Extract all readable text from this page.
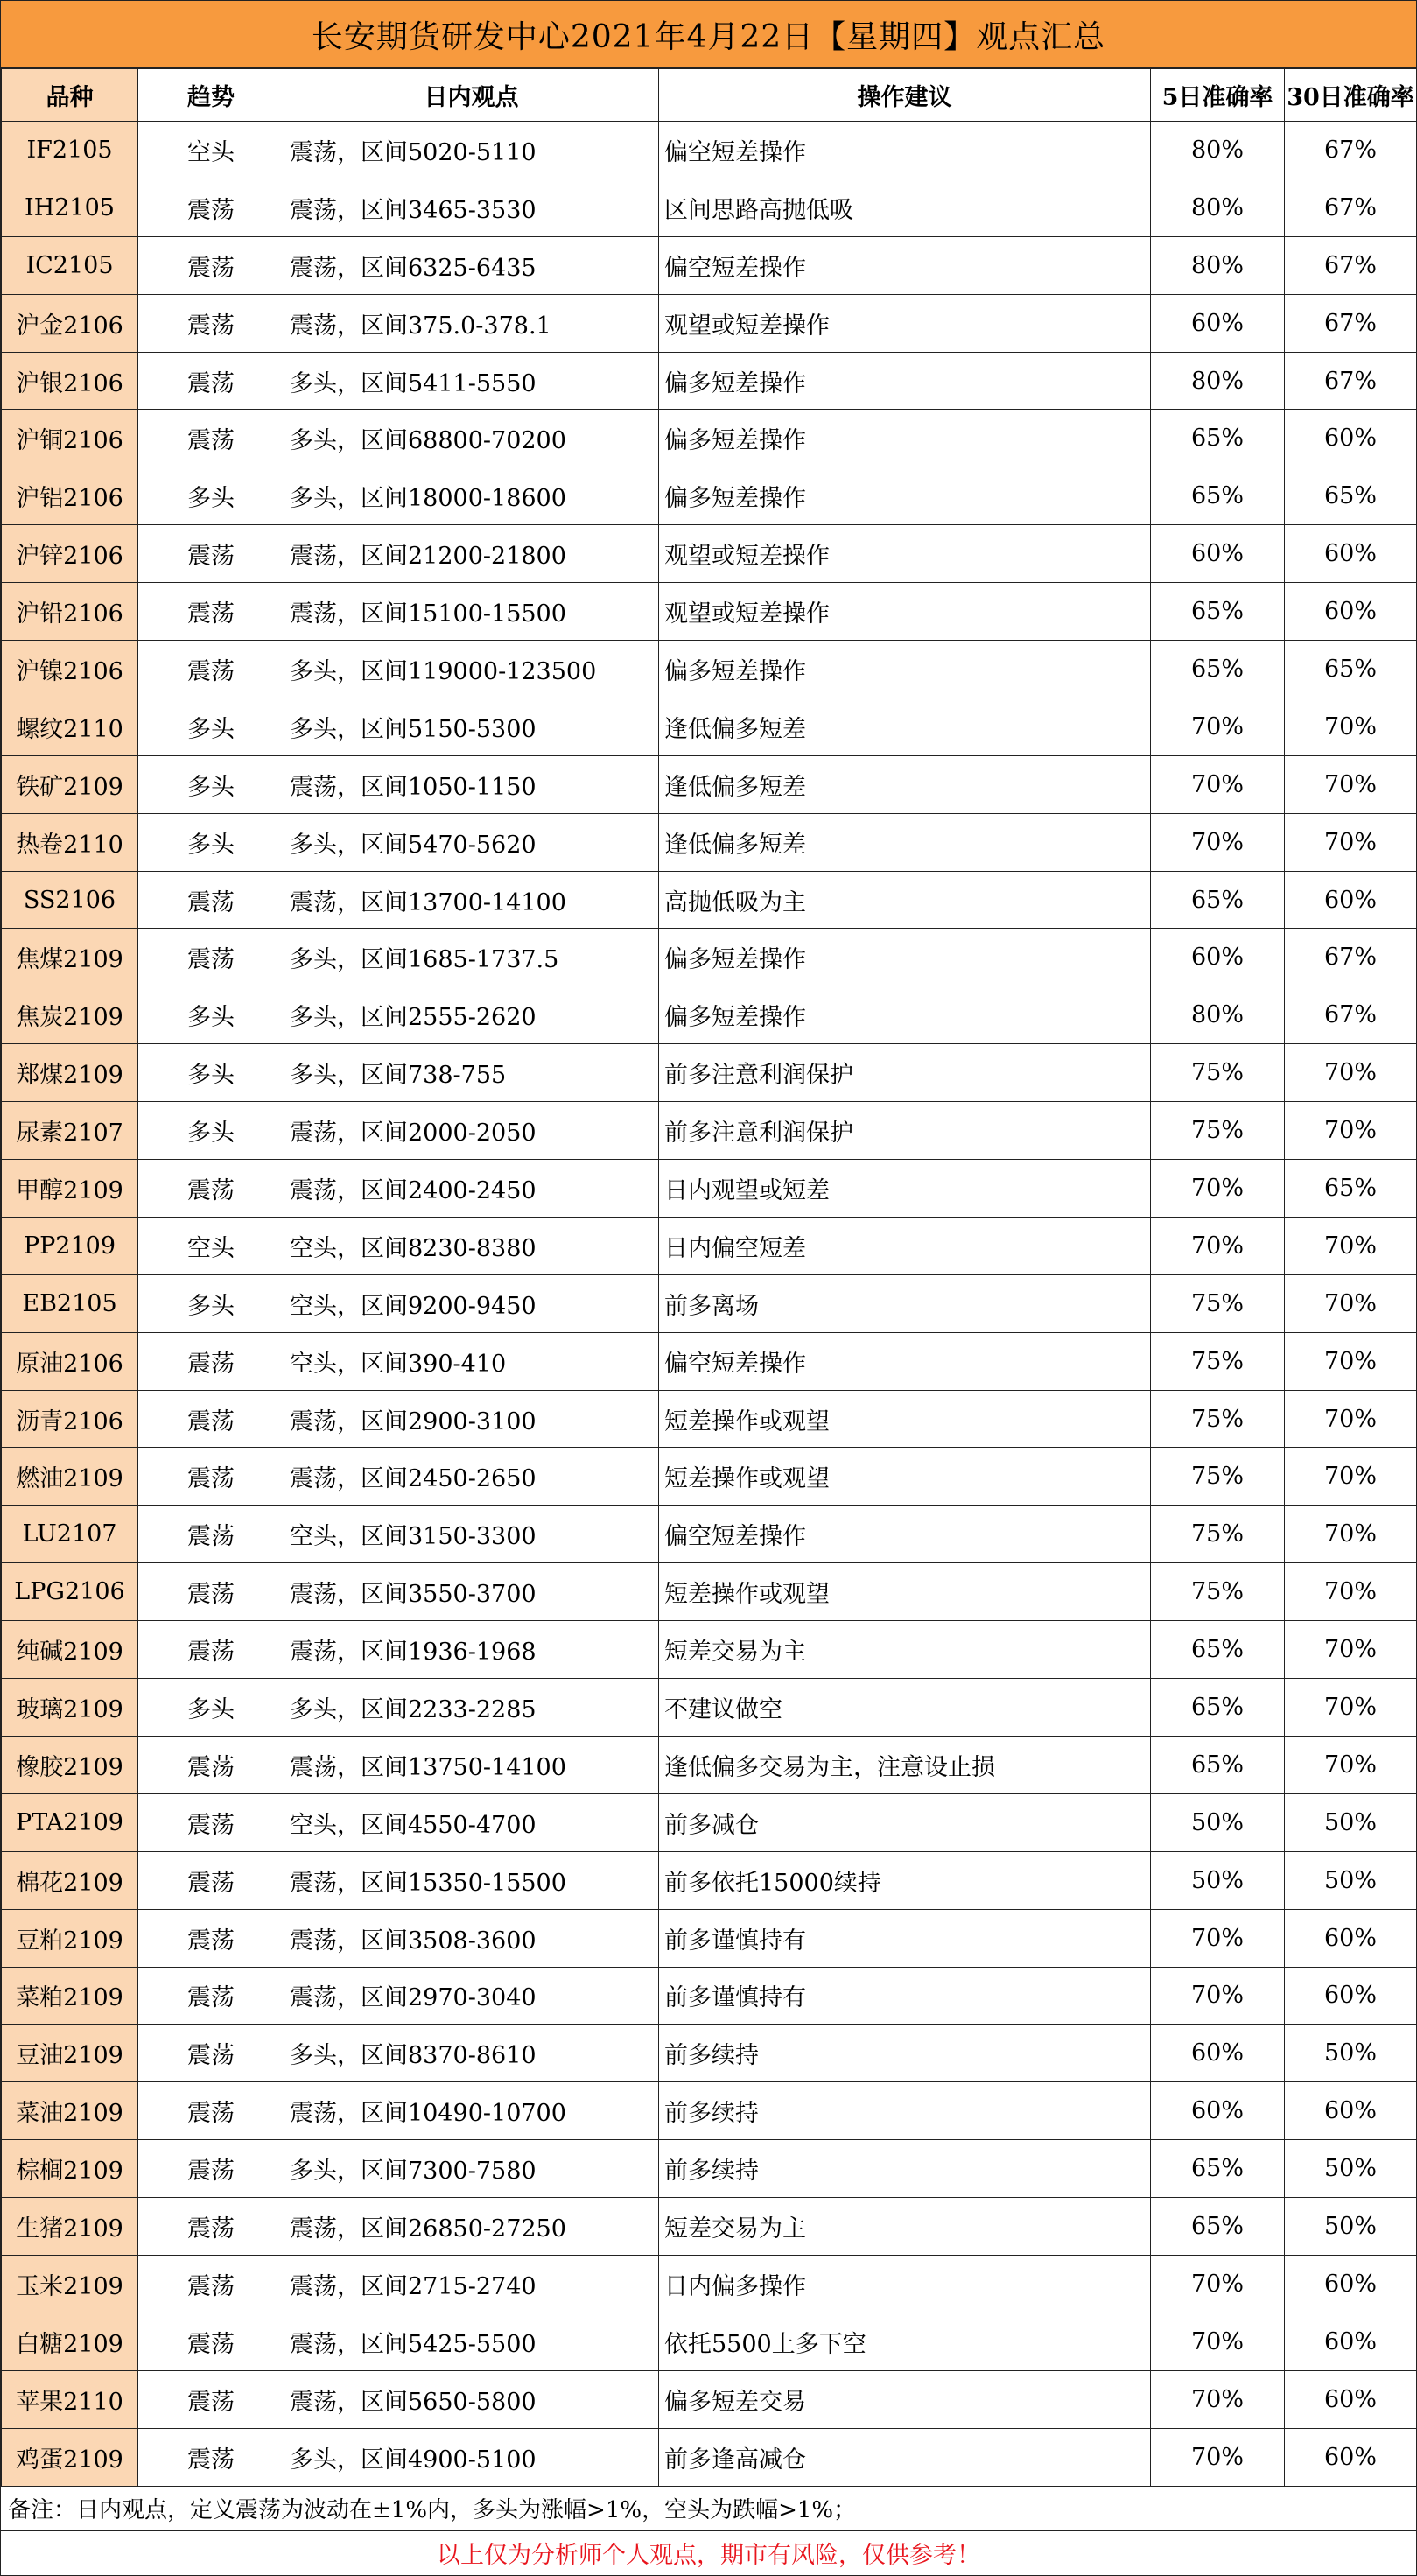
长安期货研发中心2021年4月22日【星期四】观点汇总
品种	趋势	日内观点	操作建议	5日准确率	30日准确率
IF2105	空头	震荡，区间5020-5110	偏空短差操作	80%	67%
IH2105	震荡	震荡，区间3465-3530	区间思路高抛低吸	80%	67%
IC2105	震荡	震荡，区间6325-6435	偏空短差操作	80%	67%
沪金2106	震荡	震荡，区间375.0-378.1	观望或短差操作	60%	67%
沪银2106	震荡	多头，区间5411-5550	偏多短差操作	80%	67%
沪铜2106	震荡	多头，区间68800-70200	偏多短差操作	65%	60%
沪铝2106	多头	多头，区间18000-18600	偏多短差操作	65%	65%
沪锌2106	震荡	震荡，区间21200-21800	观望或短差操作	60%	60%
沪铅2106	震荡	震荡，区间15100-15500	观望或短差操作	65%	60%
沪镍2106	震荡	多头，区间119000-123500	偏多短差操作	65%	65%
螺纹2110	多头	多头，区间5150-5300	逢低偏多短差	70%	70%
铁矿2109	多头	震荡，区间1050-1150	逢低偏多短差	70%	70%
热卷2110	多头	多头，区间5470-5620	逢低偏多短差	70%	70%
SS2106	震荡	震荡，区间13700-14100	高抛低吸为主	65%	60%
焦煤2109	震荡	多头，区间1685-1737.5	偏多短差操作	60%	67%
焦炭2109	多头	多头，区间2555-2620	偏多短差操作	80%	67%
郑煤2109	多头	多头，区间738-755	前多注意利润保护	75%	70%
尿素2107	多头	震荡，区间2000-2050	前多注意利润保护	75%	70%
甲醇2109	震荡	震荡，区间2400-2450	日内观望或短差	70%	65%
PP2109	空头	空头，区间8230-8380	日内偏空短差	70%	70%
EB2105	多头	空头，区间9200-9450	前多离场	75%	70%
原油2106	震荡	空头，区间390-410	偏空短差操作	75%	70%
沥青2106	震荡	震荡，区间2900-3100	短差操作或观望	75%	70%
燃油2109	震荡	震荡，区间2450-2650	短差操作或观望	75%	70%
LU2107	震荡	空头，区间3150-3300	偏空短差操作	75%	70%
LPG2106	震荡	震荡，区间3550-3700	短差操作或观望	75%	70%
纯碱2109	震荡	震荡，区间1936-1968	短差交易为主	65%	70%
玻璃2109	多头	多头，区间2233-2285	不建议做空	65%	70%
橡胶2109	震荡	震荡，区间13750-14100	逢低偏多交易为主，注意设止损	65%	70%
PTA2109	震荡	空头，区间4550-4700	前多减仓	50%	50%
棉花2109	震荡	震荡，区间15350-15500	前多依托15000续持	50%	50%
豆粕2109	震荡	震荡，区间3508-3600	前多谨慎持有	70%	60%
菜粕2109	震荡	震荡，区间2970-3040	前多谨慎持有	70%	60%
豆油2109	震荡	多头，区间8370-8610	前多续持	60%	50%
菜油2109	震荡	震荡，区间10490-10700	前多续持	60%	60%
棕榈2109	震荡	多头，区间7300-7580	前多续持	65%	50%
生猪2109	震荡	震荡，区间26850-27250	短差交易为主	65%	50%
玉米2109	震荡	震荡，区间2715-2740	日内偏多操作	70%	60%
白糖2109	震荡	震荡，区间5425-5500	依托5500上多下空	70%	60%
苹果2110	震荡	震荡，区间5650-5800	偏多短差交易	70%	60%
鸡蛋2109	震荡	多头，区间4900-5100	前多逢高减仓	70%	60%
备注：日内观点，定义震荡为波动在±1%内，多头为涨幅>1%，空头为跌幅>1%；
以上仅为分析师个人观点，期市有风险，仅供参考！
